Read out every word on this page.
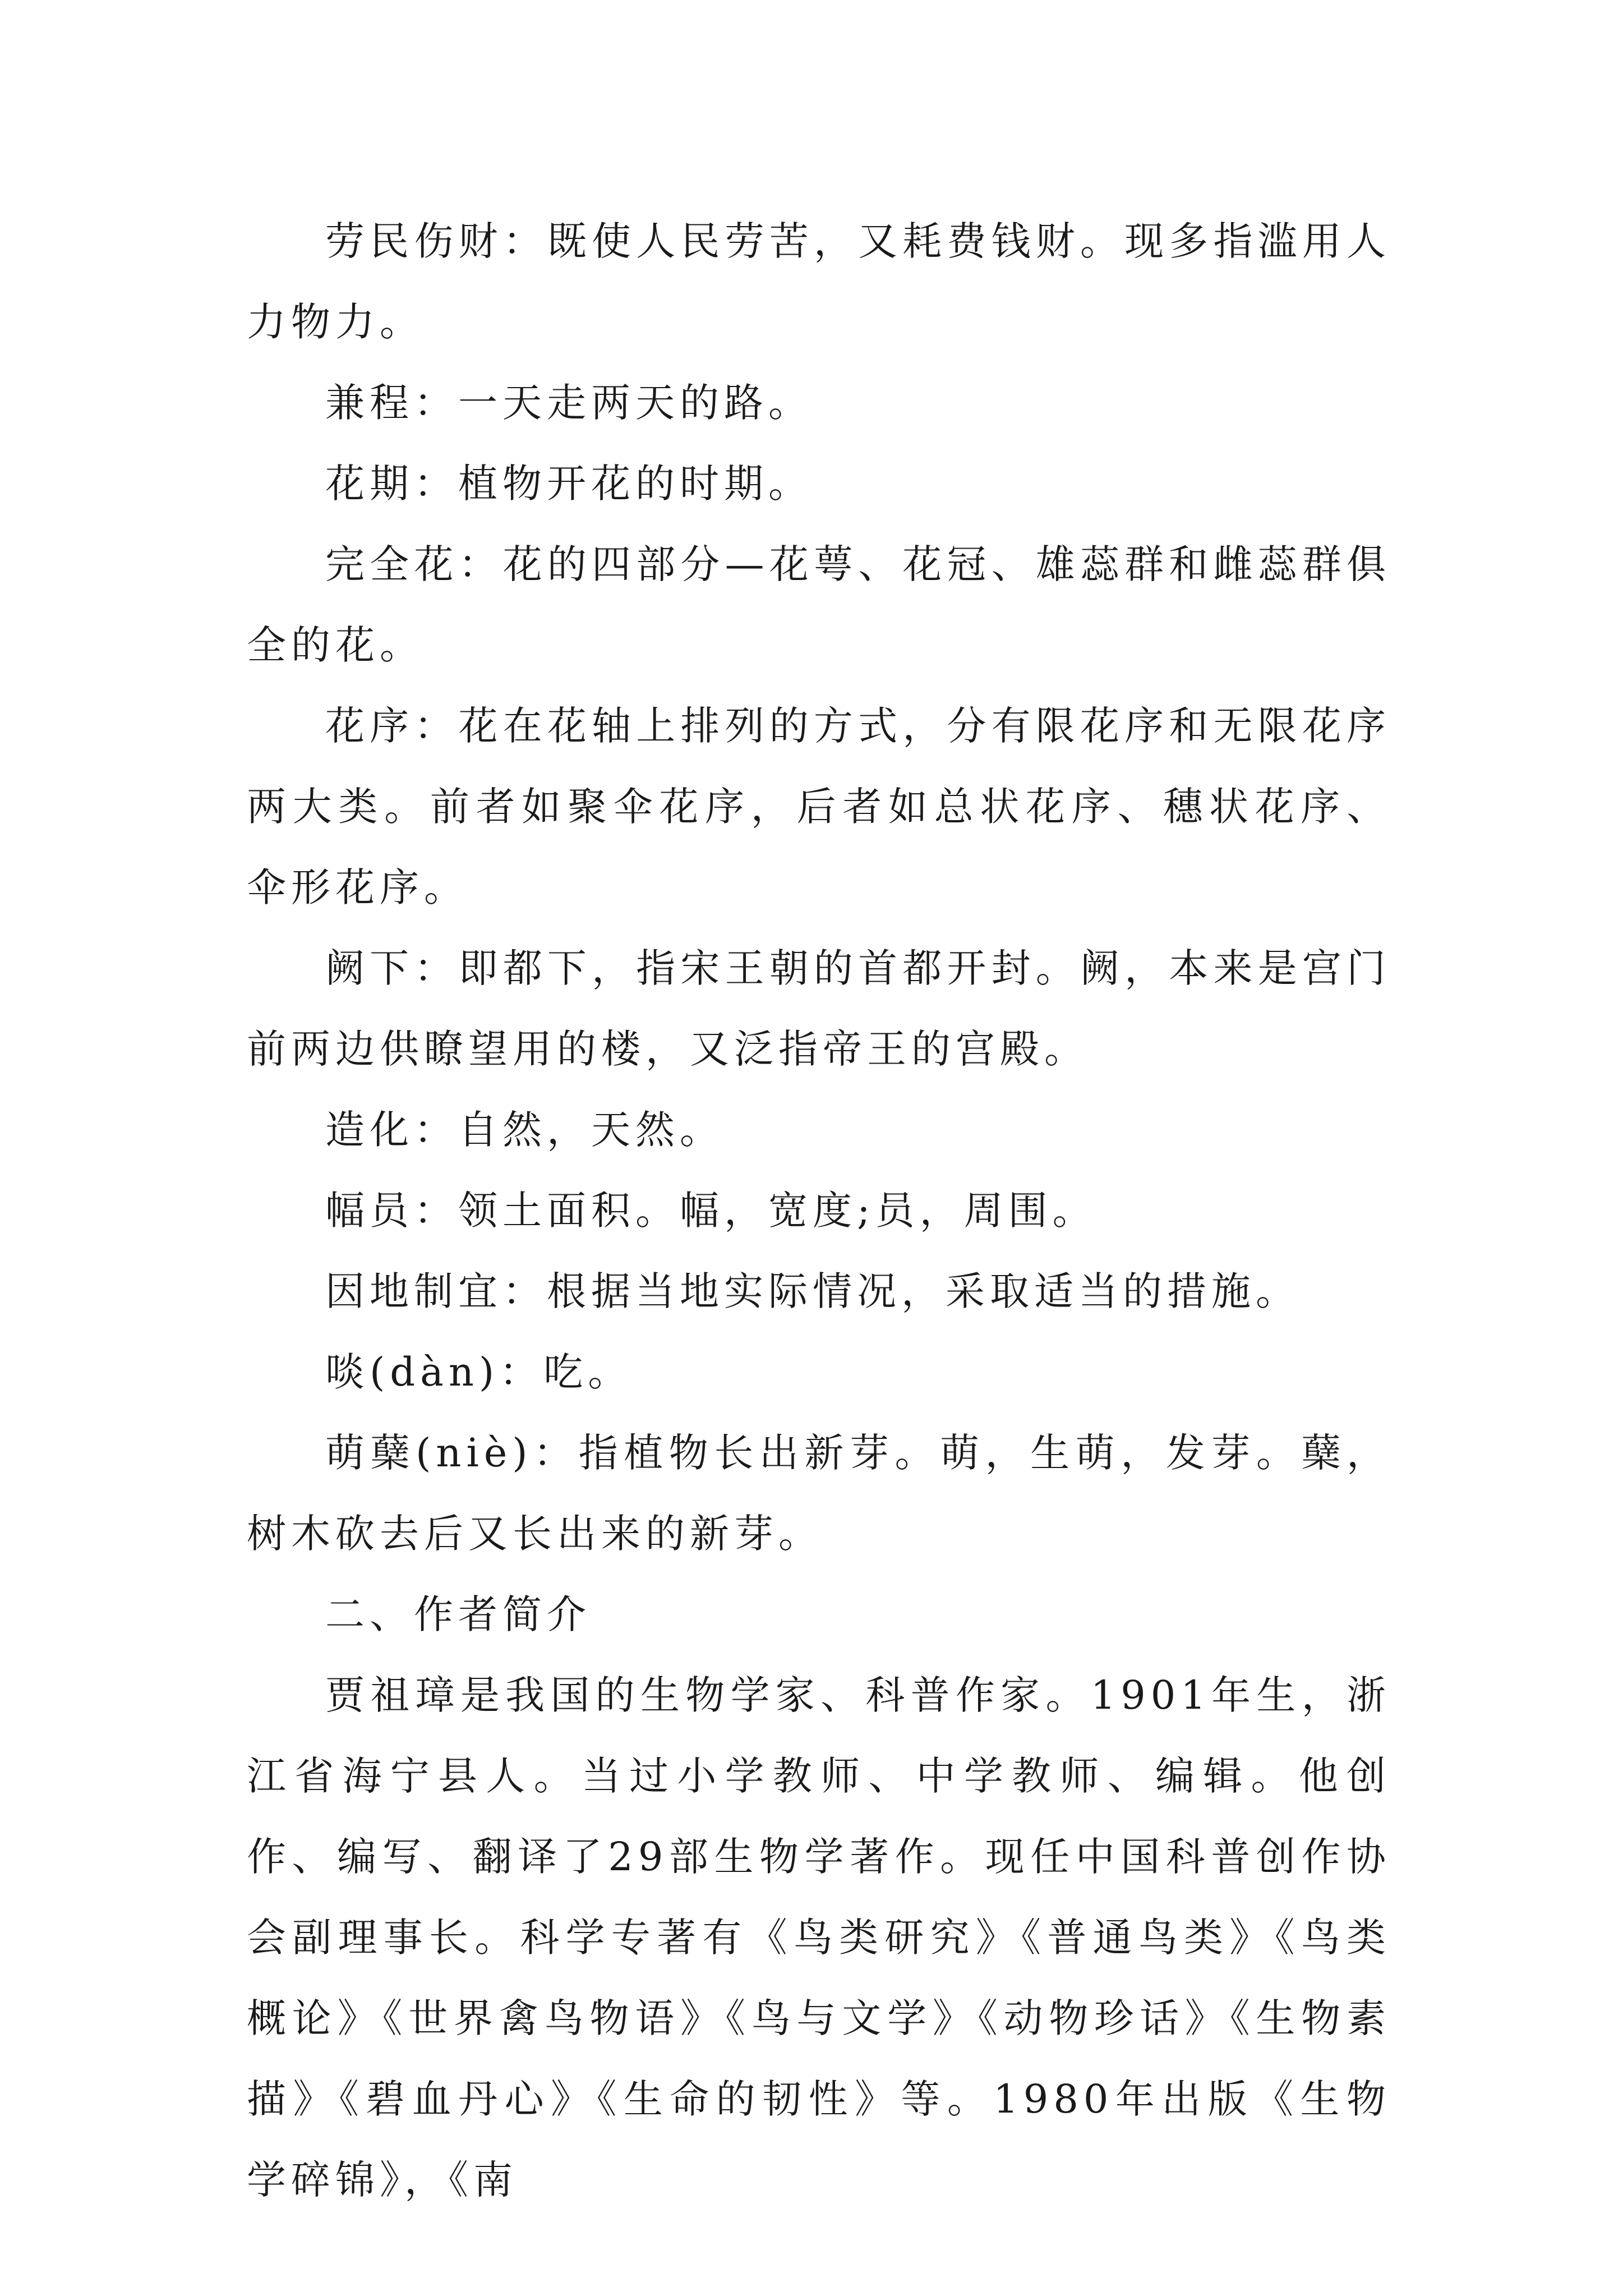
劳民伤财：既使人民劳苦，又耗费钱财。现多指滥用人力物力。

兼程：一天走两天的路。

花期：植物开花的时期。

完全花：花的四部分—花萼、花冠、雄蕊群和雌蕊群俱全的花。

花序：花在花轴上排列的方式，分有限花序和无限花序两大类。前者如聚伞花序，后者如总状花序、穗状花序、伞形花序。

阙下：即都下，指宋王朝的首都开封。阙，本来是宫门前两边供瞭望用的楼，又泛指帝王的宫殿。

造化：自然，天然。

幅员：领土面积。幅，宽度;员，周围。

因地制宜：根据当地实际情况，采取适当的措施。

啖(dàn)：吃。

萌蘖(niè)：指植物长出新芽。萌，生萌，发芽。蘖，树木砍去后又长出来的新芽。

二、作者简介

贾祖璋是我国的生物学家、科普作家。1901年生，浙江省海宁县人。当过小学教师、中学教师、编辑。他创作、编写、翻译了29部生物学著作。现任中国科普创作协会副理事长。科学专著有《鸟类研究》《普通鸟类》《鸟类概论》《世界禽鸟物语》《鸟与文学》《动物珍话》《生物素描》《碧血丹心》《生命的韧性》等。1980年出版《生物学碎锦》，《南
